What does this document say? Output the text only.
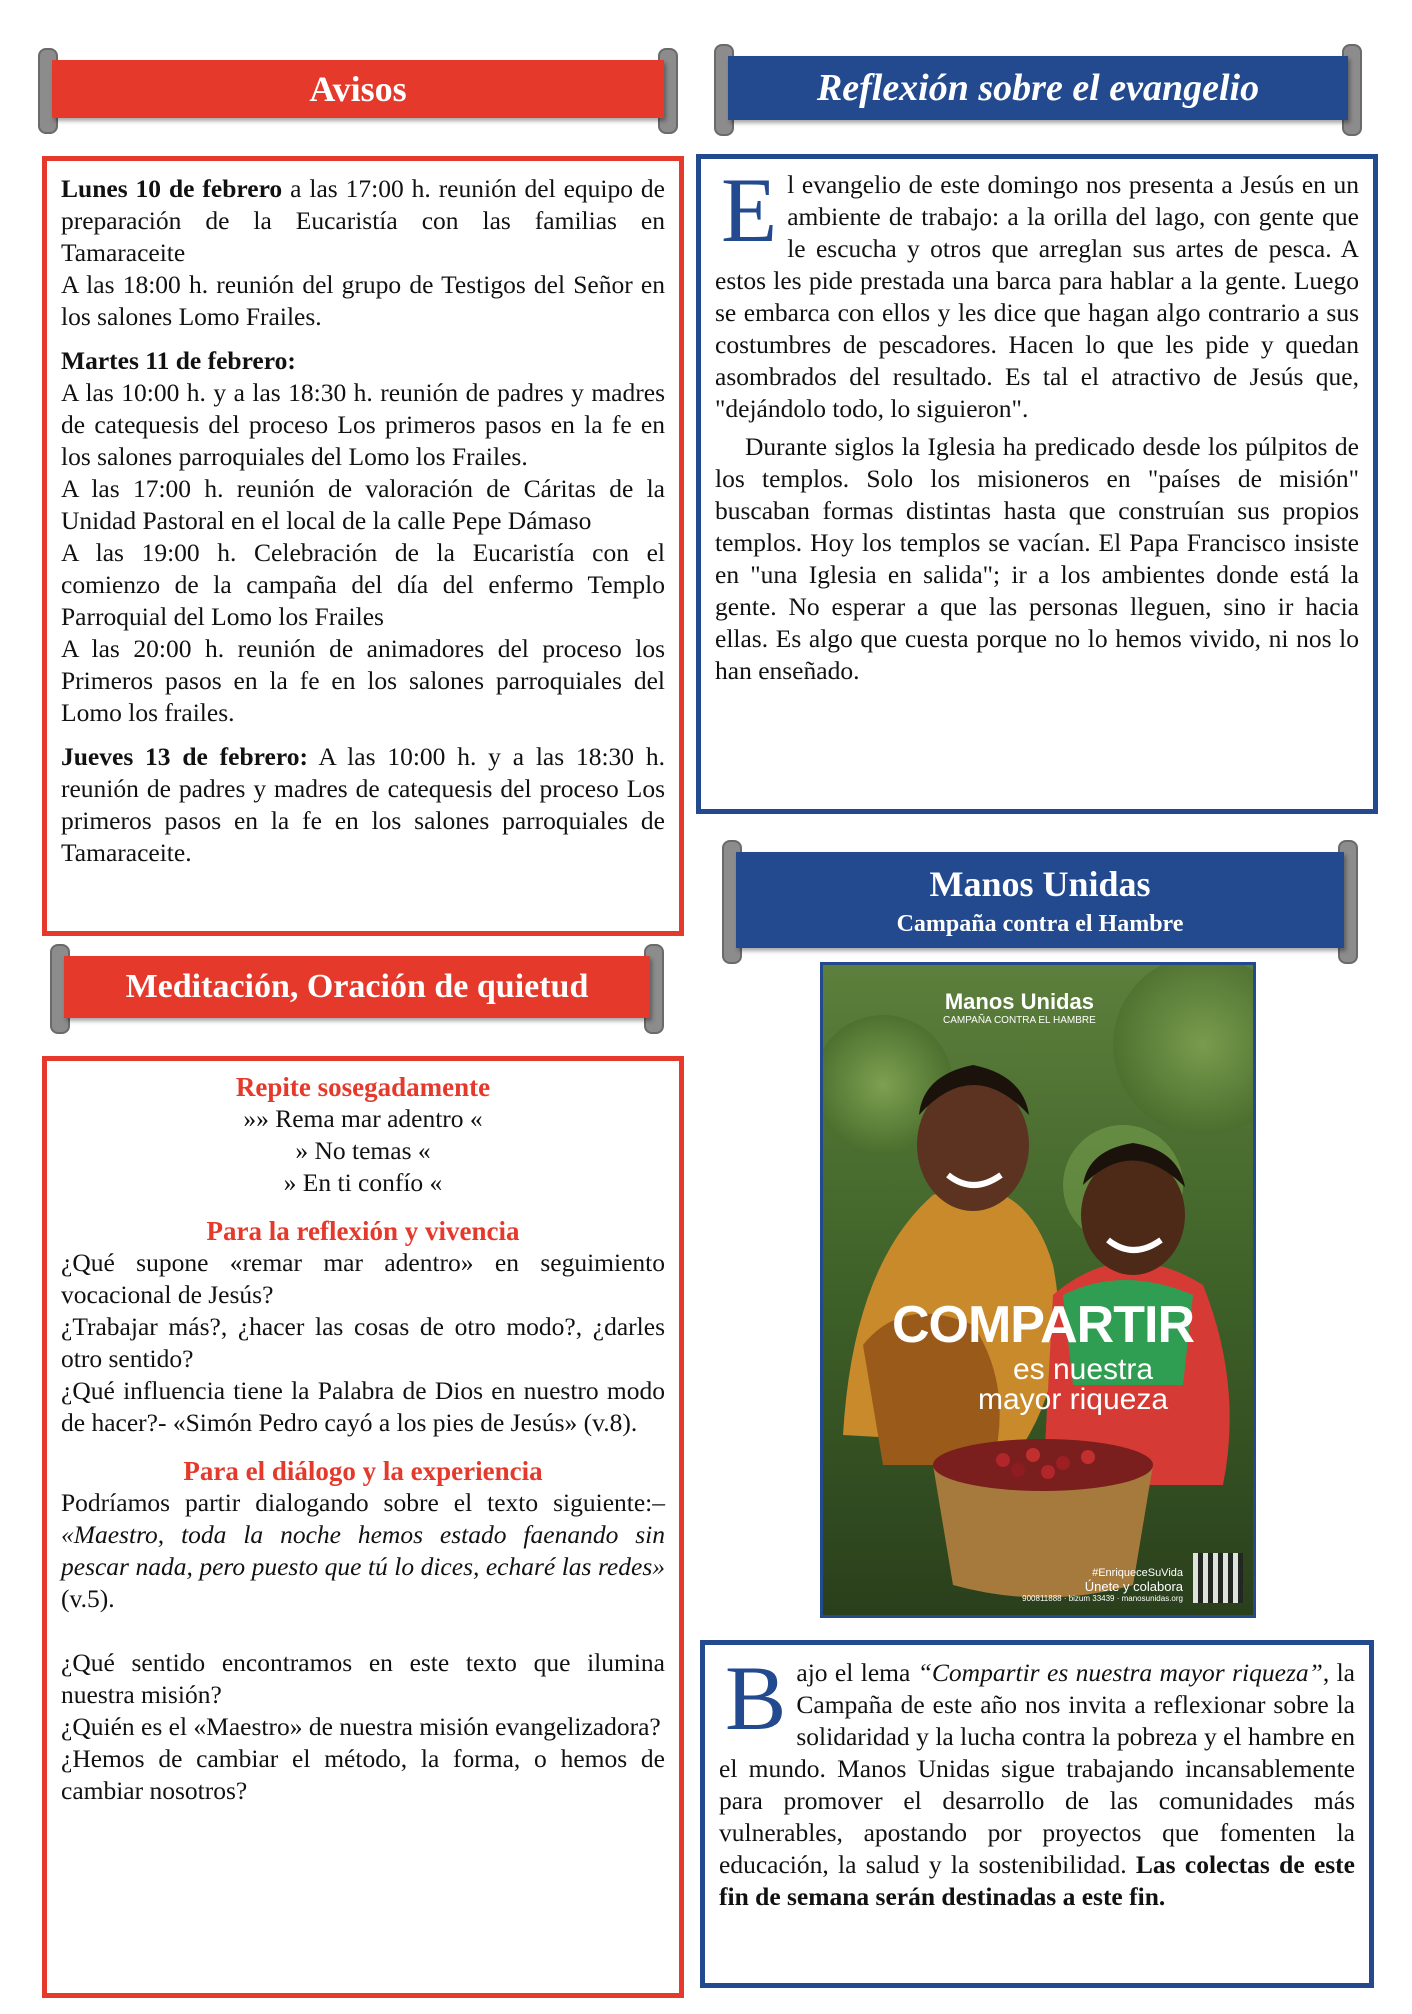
Avisos

Lunes 10 de febrero a las 17:00 h. reunión del equipo de preparación de la Eucaristía con las familias en Tamaraceite

A las 18:00 h. reunión del grupo de Testigos del Señor en los salones Lomo Frailes.

Martes 11 de febrero:

A las 10:00 h. y a las 18:30 h. reunión de padres y madres de catequesis del proceso Los primeros pasos en la fe en los salones parroquiales del Lomo los Frailes.

A las 17:00 h. reunión de valoración de Cáritas de la Unidad Pastoral en el local de la calle Pepe Dámaso

A las 19:00 h. Celebración de la Eucaristía con el comienzo de la campaña del día del enfermo Templo Parroquial del Lomo los Frailes

A las 20:00 h. reunión de animadores del proceso los Primeros pasos en la fe en los salones parroquiales del Lomo los frailes.

Jueves 13 de febrero: A las 10:00 h. y a las 18:30 h. reunión de padres y madres de catequesis del proceso Los primeros pasos en la fe en los salones parroquiales de Tamaraceite.

Meditación, Oración de quietud

Repite sosegadamente

»» Rema mar adentro «

» No temas «

» En ti confío «

Para la reflexión y vivencia

¿Qué supone «remar mar adentro» en seguimiento vocacional de Jesús?

¿Trabajar más?, ¿hacer las cosas de otro modo?, ¿darles otro sentido?

¿Qué influencia tiene la Palabra de Dios en nuestro modo de hacer?- «Simón Pedro cayó a los pies de Jesús» (v.8).

Para el diálogo y la experiencia

Podríamos partir dialogando sobre el texto siguiente:– «Maestro, toda la noche hemos estado faenando sin pescar nada, pero puesto que tú lo dices, echaré las redes» (v.5).

¿Qué sentido encontramos en este texto que ilumina nuestra misión?

¿Quién es el «Maestro» de nuestra misión evangelizadora?

¿Hemos de cambiar el método, la forma, o hemos de cambiar nosotros?

Reflexión sobre el evangelio

El evangelio de este domingo nos presenta a Jesús en un ambiente de trabajo: a la orilla del lago, con gente que le escucha y otros que arreglan sus artes de pesca. A estos les pide prestada una barca para hablar a la gente. Luego se embarca con ellos y les dice que hagan algo contrario a sus costumbres de pescadores. Hacen lo que les pide y quedan asombrados del resultado. Es tal el atractivo de Jesús que, "dejándolo todo, lo siguieron".

Durante siglos la Iglesia ha predicado desde los púlpitos de los templos. Solo los misioneros en "países de misión" buscaban formas distintas hasta que construían sus propios templos. Hoy los templos se vacían. El Papa Francisco insiste en "una Iglesia en salida"; ir a los ambientes donde está la gente. No esperar a que las personas lleguen, sino ir hacia ellas. Es algo que cuesta porque no lo hemos vivido, ni nos lo han enseñado.

Manos Unidas
Campaña contra el Hambre
Manos Unidas
CAMPAÑA CONTRA EL HAMBRE
COMPARTIR
es nuestra
mayor riqueza
#EnriqueceSuVida
Únete y colabora
900811888 · bizum 33439 · manosunidas.org

Bajo el lema “Compartir es nuestra mayor riqueza”, la Campaña de este año nos invita a reflexionar sobre la solidaridad y la lucha contra la pobreza y el hambre en el mundo. Manos Unidas sigue trabajando incansablemente para promover el desarrollo de las comunidades más vulnerables, apostando por proyectos que fomenten la educación, la salud y la sostenibilidad. Las colectas de este fin de semana serán destinadas a este fin.
